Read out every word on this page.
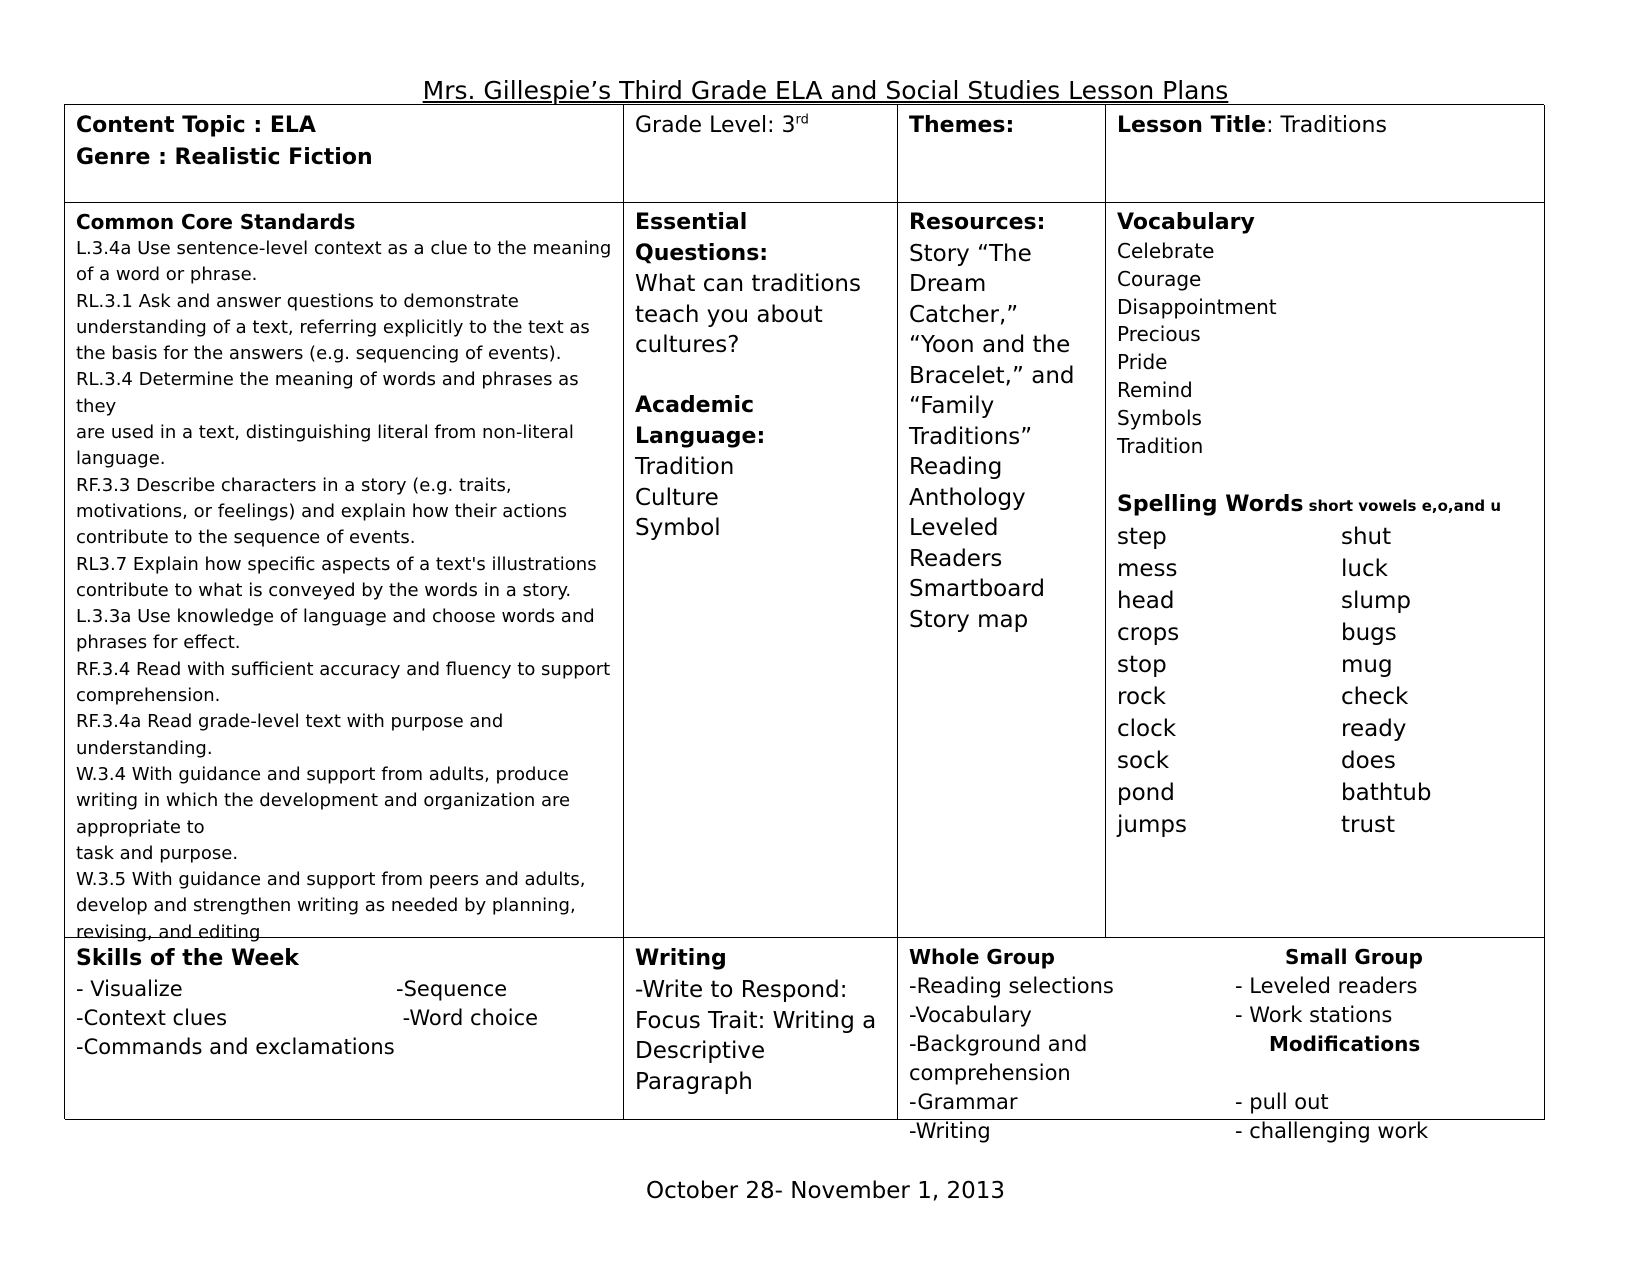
Mrs. Gillespie’s Third Grade ELA and Social Studies Lesson Plans
Content Topic : ELA
Genre : Realistic Fiction
Grade Level: 3rd	Themes:	Lesson Title: Traditions
Common Core Standards
L.3.4a Use sentence-level context as a clue to the meaning
of a word or phrase.
RL.3.1 Ask and answer questions to demonstrate
understanding of a text, referring explicitly to the text as
the basis for the answers (e.g. sequencing of events).
RL.3.4 Determine the meaning of words and phrases as they
are used in a text, distinguishing literal from non-literal
language.
RF.3.3 Describe characters in a story (e.g. traits,
motivations, or feelings) and explain how their actions
contribute to the sequence of events.
RL3.7 Explain how specific aspects of a text's illustrations
contribute to what is conveyed by the words in a story.
L.3.3a Use knowledge of language and choose words and
phrases for effect.
RF.3.4 Read with sufficient accuracy and fluency to support
comprehension.
RF.3.4a Read grade-level text with purpose and
understanding.
W.3.4 With guidance and support from adults, produce
writing in which the development and organization are
appropriate to
task and purpose.
W.3.5 With guidance and support from peers and adults,
develop and strengthen writing as needed by planning,
revising, and editing
Essential Questions:
What can traditions
teach you about
cultures?
Academic Language:
Tradition
Culture
Symbol
Resources:
Story “The
Dream Catcher,”
“Yoon and the
Bracelet,” and
“Family
Traditions”
Reading
Anthology
Leveled Readers
Smartboard
Story map
Vocabulary
Celebrate
Courage
Disappointment
Precious
Pride
Remind
Symbols
Tradition
Spelling Words short vowels e,o,and u
step	shut
mess	luck
head	slump
crops	bugs
stop	mug
rock	check
clock	ready
sock	does
pond	bathtub
jumps	trust
Skills of the Week
- Visualize	-Sequence
-Context clues	-Word choice
-Commands and exclamations
Writing
-Write to Respond:
Focus Trait: Writing a
Descriptive Paragraph
Whole Group	Small Group
-Reading selections	- Leveled readers
-Vocabulary	- Work stations
-Background and comprehension
Modifications
-Grammar	- pull out
-Writing	- challenging work
October 28- November 1, 2013
